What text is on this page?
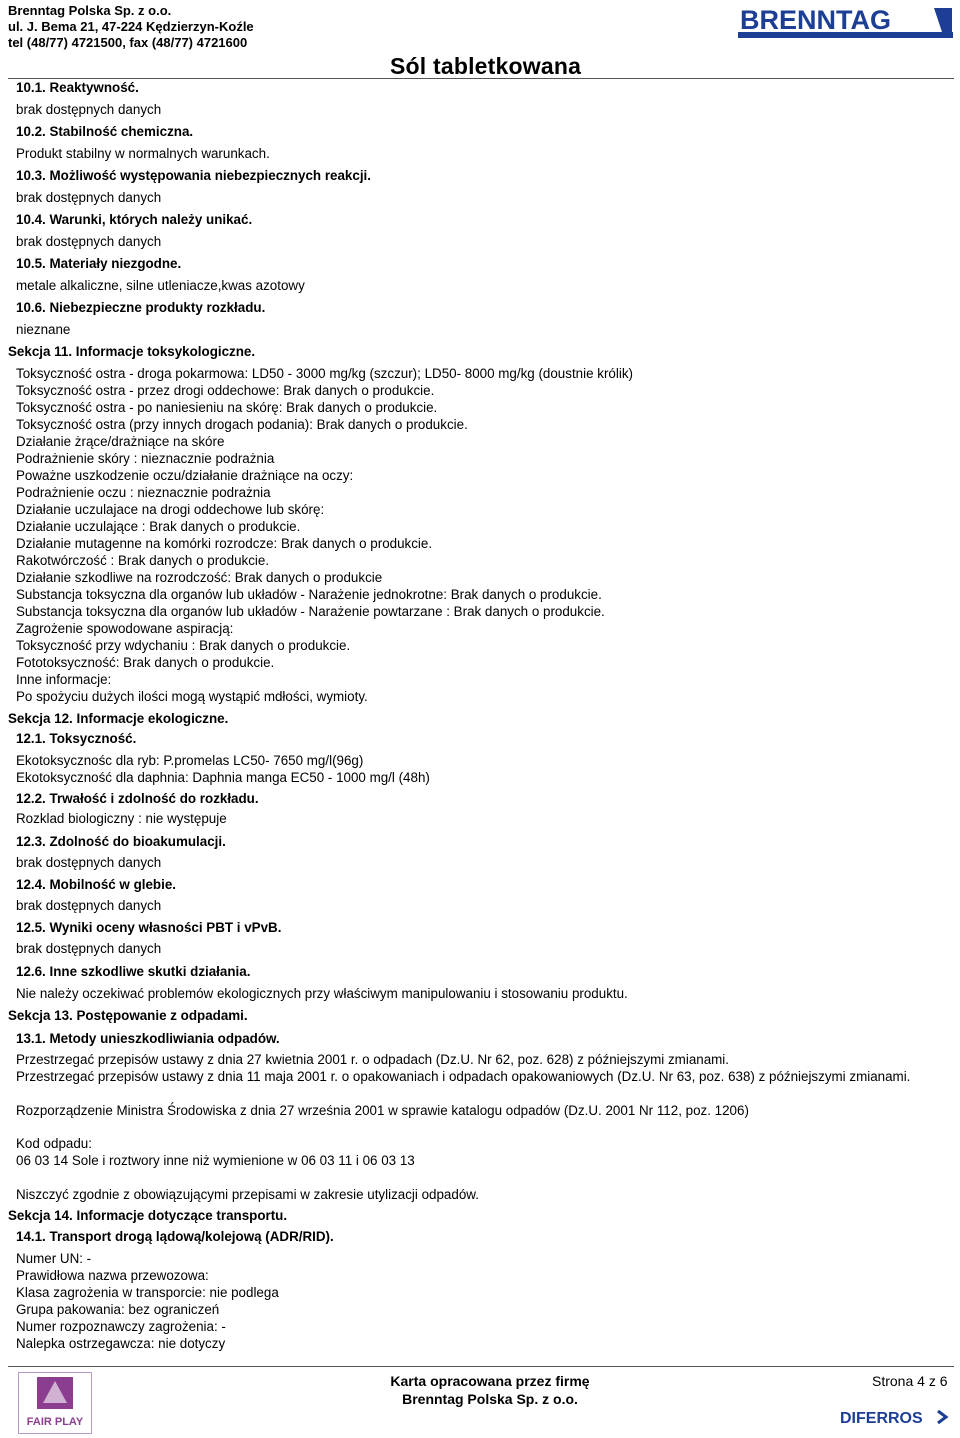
Brenntag Polska Sp. z o.o.
ul. J. Bema 21, 47-224 Kędzierzyn-Koźle
tel (48/77) 4721500, fax (48/77) 4721600
Sól tabletkowana
BRENNTAG
10.1. Reaktywność.
brak dostępnych danych
10.2. Stabilność chemiczna.
Produkt stabilny w normalnych warunkach.
10.3. Możliwość występowania niebezpiecznych reakcji.
brak dostępnych danych
10.4. Warunki, których należy unikać.
brak dostępnych danych
10.5. Materiały niezgodne.
metale alkaliczne, silne utleniacze,kwas azotowy
10.6. Niebezpieczne produkty rozkładu.
nieznane
Sekcja 11. Informacje toksykologiczne.
Toksyczność ostra - droga pokarmowa: LD50 - 3000 mg/kg (szczur); LD50- 8000 mg/kg (doustnie królik)
Toksyczność ostra - przez drogi oddechowe: Brak danych o produkcie.
Toksyczność ostra - po naniesieniu na skórę: Brak danych o produkcie.
Toksyczność ostra (przy innych drogach podania): Brak danych o produkcie.
Działanie żrące/drażniące na skóre
Podrażnienie skóry : nieznacznie podrażnia
Poważne uszkodzenie oczu/działanie drażniące na oczy:
Podrażnienie oczu : nieznacznie podrażnia
Działanie uczulajace na drogi oddechowe lub skórę:
Działanie uczulające : Brak danych o produkcie.
Działanie mutagenne na komórki rozrodcze: Brak danych o produkcie.
Rakotwórczość : Brak danych o produkcie.
Działanie szkodliwe na rozrodczość: Brak danych o produkcie
Substancja toksyczna dla organów lub układów - Narażenie jednokrotne: Brak danych o produkcie.
Substancja toksyczna dla organów lub układów - Narażenie powtarzane : Brak danych o produkcie.
Zagrożenie spowodowane aspiracją:
Toksyczność przy wdychaniu : Brak danych o produkcie.
Fototoksyczność: Brak danych o produkcie.
Inne informacje:
Po spożyciu dużych ilości mogą wystąpić mdłości, wymioty.
Sekcja 12. Informacje ekologiczne.
12.1. Toksyczność.
Ekotoksycznośc dla ryb: P.promelas LC50- 7650 mg/l(96g)
Ekotoksyczność dla daphnia: Daphnia manga EC50 - 1000 mg/l (48h)
12.2. Trwałość i zdolność do rozkładu.
Rozklad biologiczny : nie występuje
12.3. Zdolność do bioakumulacji.
brak dostępnych danych
12.4. Mobilność w glebie.
brak dostępnych danych
12.5. Wyniki oceny własności PBT i vPvB.
brak dostępnych danych
12.6. Inne szkodliwe skutki działania.
Nie należy oczekiwać problemów ekologicznych przy właściwym manipulowaniu i stosowaniu produktu.
Sekcja 13. Postępowanie z odpadami.
13.1. Metody unieszkodliwiania odpadów.
Przestrzegać przepisów ustawy z dnia 27 kwietnia 2001 r. o odpadach (Dz.U. Nr 62, poz. 628) z późniejszymi zmianami.
Przestrzegać przepisów ustawy z dnia 11 maja 2001 r. o opakowaniach i odpadach opakowaniowych (Dz.U. Nr 63, poz. 638) z późniejszymi zmianami.
Rozporządzenie Ministra Środowiska z dnia 27 września 2001 w sprawie katalogu odpadów (Dz.U. 2001 Nr 112, poz. 1206)
Kod odpadu:
06 03 14 Sole i roztwory inne niż wymienione w 06 03 11 i 06 03 13
Niszczyć zgodnie z obowiązującymi przepisami w zakresie utylizacji odpadów.
Sekcja 14. Informacje dotyczące transportu.
14.1. Transport drogą lądową/kolejową (ADR/RID).
Numer UN: -
Prawidłowa nazwa przewozowa:
Klasa zagrożenia w transporcie: nie podlega
Grupa pakowania: bez ograniczeń
Numer rozpoznawczy zagrożenia: -
Nalepka ostrzegawcza: nie dotyczy
FAIR PLAY
Karta opracowana przez firmę
Brenntag Polska Sp. z o.o.
Strona 4 z 6
DIFERROS
